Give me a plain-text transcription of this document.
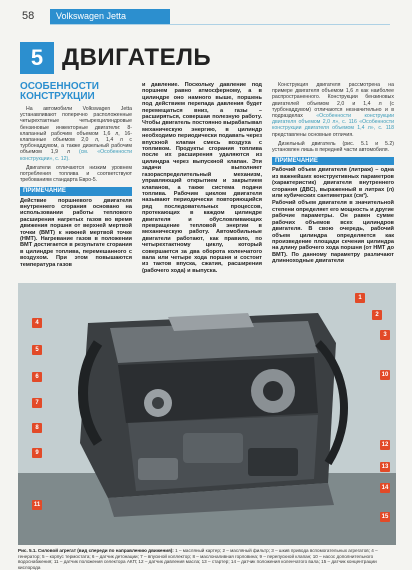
58	Volkswagen Jetta
5 ДВИГАТЕЛЬ
ОСОБЕННОСТИ КОНСТРУКЦИИ
На автомобили Volkswagen Jetta устанавливают поперечно расположенные четырехтактные четырехцилиндровые бензиновые инжекторные двигатели: 8-клапанный рабочим объемом 1,6 л, 16-клапанные объемом 2,0 л, 1,4 л с турбонаддувом, а также дизельный рабочим объемом 1,9 л (см. «Особенности конструкции», с. 12).
Двигатели отличаются низким уровнем потребления топлива и соответствуют требованиям стандарта Евро-5.
ПРИМЕЧАНИЕ
Действие поршневого двигателя внутреннего сгорания основано на использовании работы теплового расширения нагретых газов во время движения поршня от верхней мертвой точки (ВМТ) к нижней мертвой точке (НМТ). Нагревание газов в положении ВМТ достигается в результате сгорания в цилиндре топлива, перемешанного с воздухом. При этом повышаются температура газов
и давление. Поскольку давление под поршнем равно атмосферному, а в цилиндре оно намного выше, поршень под действием перепада давления будет перемещаться вниз, а газы – расширяться, совершая полезную работу. Чтобы двигатель постоянно вырабатывал механическую энергию, в цилиндр необходимо периодически подавать через впускной клапан смесь воздуха с топливом. Продукты сгорания топлива после их расширения удаляются из цилиндра через выпускной клапан. Эти задачи выполняет газораспределительный механизм, управляющий открытием и закрытием клапанов, а также система подачи топлива. Рабочим циклом двигателя называют периодически повторяющийся ряд последовательных процессов, протекающих в каждом цилиндре двигателя и обусловливающих превращение тепловой энергии в механическую работу. Автомобильные двигатели работают, как правило, по четырехтактному циклу, который совершается за два оборота коленчатого вала или четыре хода поршня и состоит из тактов впуска, сжатия, расширения (рабочего хода) и выпуска.
Конструкция двигателя рассмотрена на примере двигателя объемом 1,6 л как наиболее распространенного. Конструкции бензиновых двигателей объемом 2,0 и 1,4 л (с турбонаддувом) отличаются незначительно и в подразделах	«Особенности конструкции двигателя объемом 2,0 л», с. 116 «Особенности конструкции двигателя объемом 1,4 л», с. 118 представлены основные отличия.
Дизельный двигатель (рис. 5.1 и 5.2) установлен лишь в передней части автомобиля.
ПРИМЕЧАНИЕ
Рабочий объем двигателя (литраж) – одна из важнейших конструктивных параметров (характеристик) двигателя внутреннего сгорания (ДВС), выраженный в литрах (л) или кубических сантиметрах (см³).
Рабочий объем двигателя в значительной степени определяет его мощность и другие рабочие параметры. Он равен сумме рабочих объемов всех цилиндров двигателя. В свою очередь, рабочий объем цилиндра определяется как произведение площади сечения цилиндра на длину рабочего хода поршня (от НМТ до ВМТ). По данному параметру различают длинноходные двигатели
1
2
3
4
5
6
7
8
9
10
11
12
13
14
15
Рис. 5.1. Силовой агрегат (вид спереди по направлению движения): 1 – масляный картер; 2 – масляный фильтр; 3 – шкив привода вспомогательных агрегатов; 4 – генератор; 5 – корпус термостата; 6 – датчик детонации; 7 – впускной коллектор; 8 – маслоналивная горловина; 9 – перепускной клапан; 10 – насос дополнительного водоснабжения; 11 – датчик положения селектора АКП; 12 – датчик давления масла; 13 – стартер; 14 – датчик положения коленчатого вала; 15 – датчик концентрации кислорода
